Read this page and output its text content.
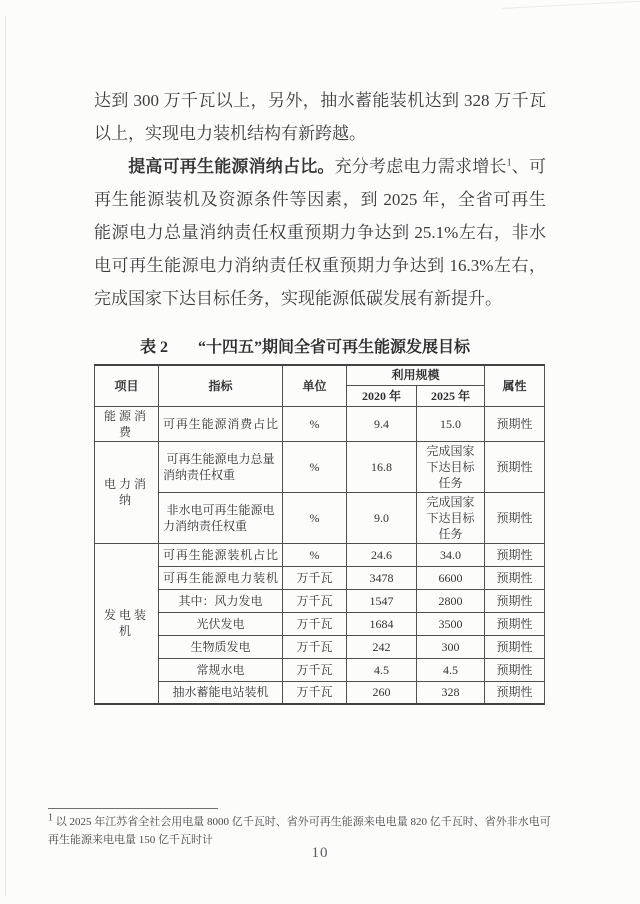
达到 300 万千瓦以上，另外，抽水蓄能装机达到 328 万千瓦
以上，实现电力装机结构有新跨越。
提高可再生能源消纳占比。充分考虑电力需求增长$^1$、可
再生能源装机及资源条件等因素，到 2025 年，全省可再生
能源电力总量消纳责任权重预期力争达到 25.1%左右，非水
电可再生能源电力消纳责任权重预期力争达到 16.3%左右，
完成国家下达目标任务，实现能源低碳发展有新提升。
表 2 “十四五”期间全省可再生能源发展目标
项目	指标	单位	利用规模		属性
			2020 年	2025 年	
能源消费	可再生能源消费占比	%	9.4	15.0	预期性
电力消纳	可再生能源电力总量消纳责任权重	%	16.8	完成国家下达目标任务	预期性
	非水电可再生能源电力消纳责任权重	%	9.0	完成国家下达目标任务	预期性
发电装机	可再生能源装机占比	%	24.6	34.0	预期性
	可再生能源电力装机	万千瓦	3478	6600	预期性
	其中：风力发电	万千瓦	1547	2800	预期性
	光伏发电	万千瓦	1684	3500	预期性
	生物质发电	万千瓦	242	300	预期性
	常规水电	万千瓦	4.5	4.5	预期性
	抽水蓄能电站装机	万千瓦	260	328	预期性
$^1$ 以 2025 年江苏省全社会用电量 8000 亿千瓦时、省外可再生能源来电电量 820 亿千瓦时、省外非水电可
再生能源来电电量 150 亿千瓦时计
10
